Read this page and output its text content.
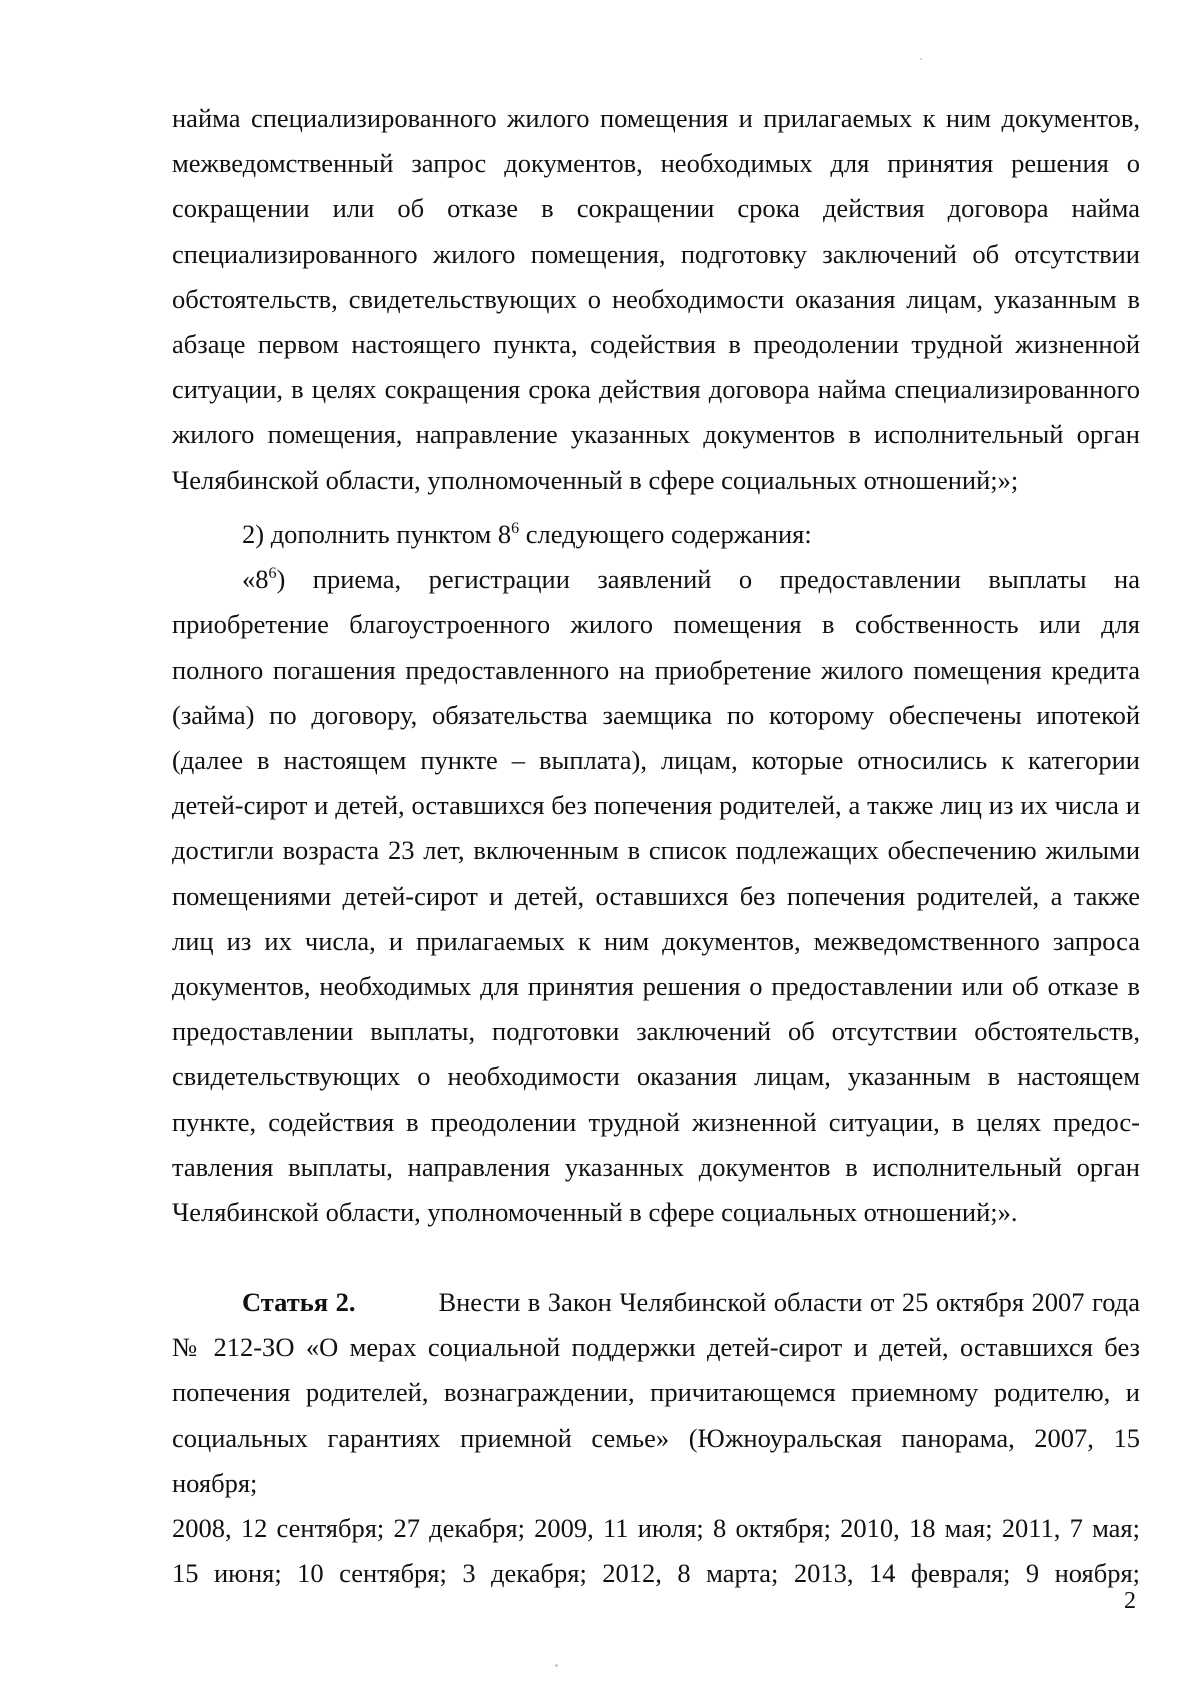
найма специализированного жилого помещения и прилагаемых к ним документов,
межведомственный запрос документов, необходимых для принятия решения о
сокращении или об отказе в сокращении срока действия договора найма
специализированного жилого помещения, подготовку заключений об отсутствии
обстоятельств, свидетельствующих о необходимости оказания лицам, указанным в
абзаце первом настоящего пункта, содействия в преодолении трудной жизненной
ситуации, в целях сокращения срока действия договора найма специализированного
жилого помещения, направление указанных документов в исполнительный орган
Челябинской области, уполномоченный в сфере социальных отношений;»;
2) дополнить пунктом $8^6$ следующего содержания:
«$8^6$) приема, регистрации заявлений о предоставлении выплаты на
приобретение благоустроенного жилого помещения в собственность или для
полного погашения предоставленного на приобретение жилого помещения кредита
(займа) по договору, обязательства заемщика по которому обеспечены ипотекой
(далее в настоящем пункте – выплата), лицам, которые относились к категории
детей-сирот и детей, оставшихся без попечения родителей, а также лиц из их числа и
достигли возраста 23 лет, включенным в список подлежащих обеспечению жилыми
помещениями детей-сирот и детей, оставшихся без попечения родителей, а также
лиц из их числа, и прилагаемых к ним документов, межведомственного запроса
документов, необходимых для принятия решения о предоставлении или об отказе в
предоставлении выплаты, подготовки заключений об отсутствии обстоятельств,
свидетельствующих о необходимости оказания лицам, указанным в настоящем
пункте, содействия в преодолении трудной жизненной ситуации, в целях предос-
тавления выплаты, направления указанных документов в исполнительный орган
Челябинской области, уполномоченный в сфере социальных отношений;».
Статья 2.	Внести в Закон Челябинской области от 25 октября 2007 года
№ 212-ЗО «О мерах социальной поддержки детей-сирот и детей, оставшихся без
попечения родителей, вознаграждении, причитающемся приемному родителю, и
социальных гарантиях приемной семье» (Южноуральская панорама, 2007, 15 ноября;
2008, 12 сентября; 27 декабря; 2009, 11 июля; 8 октября; 2010, 18 мая; 2011, 7 мая;
15 июня; 10 сентября; 3 декабря; 2012, 8 марта; 2013, 14 февраля; 9 ноября;
2
